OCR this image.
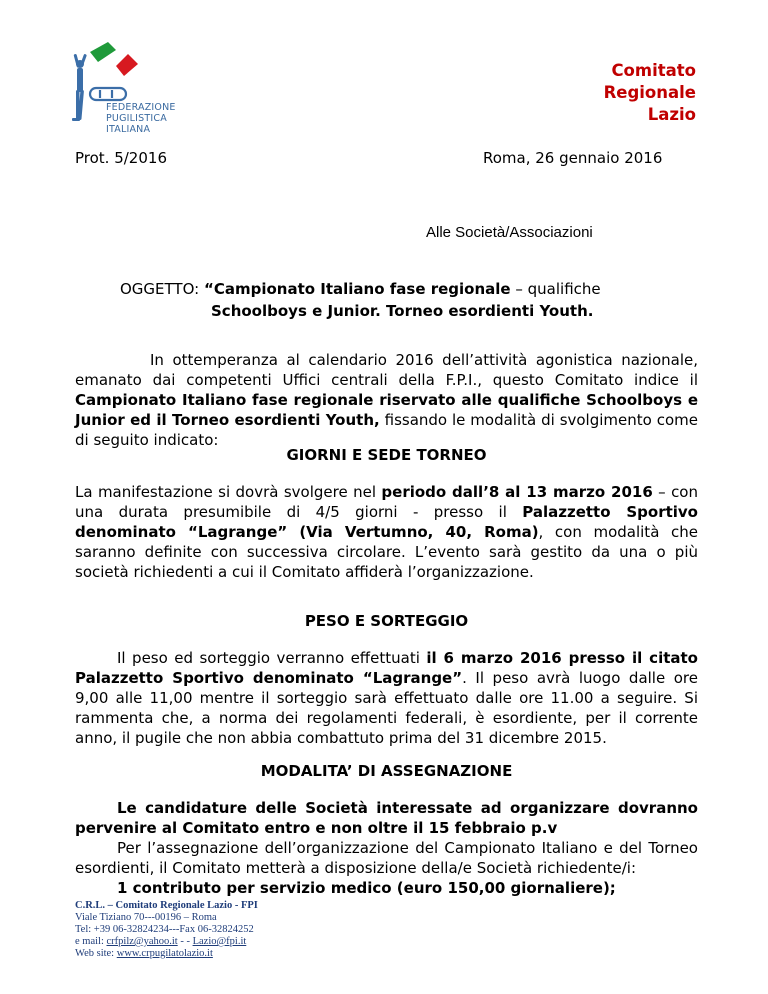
FEDERAZIONE
PUGILISTICA
ITALIANA
Comitato
Regionale
Lazio
Prot. 5/2016	Roma, 26 gennaio 2016
Alle Società/Associazioni
OGGETTO: “Campionato Italiano fase regionale – qualifiche
Schoolboys e Junior. Torneo esordienti Youth.

In ottemperanza al calendario 2016 dell’attività agonistica nazionale, emanato dai competenti Uffici centrali della F.P.I., questo Comitato indice il Campionato Italiano fase regionale riservato alle qualifiche Schoolboys e Junior ed il Torneo esordienti Youth, fissando le modalità di svolgimento come di seguito indicato:

GIORNI E SEDE TORNEO

La manifestazione si dovrà svolgere nel periodo dall’8 al 13 marzo 2016 – con una durata presumibile di 4/5 giorni - presso il Palazzetto Sportivo denominato “Lagrange” (Via Vertumno, 40, Roma), con modalità che saranno definite con successiva circolare. L’evento sarà gestito da una o più società richiedenti a cui il Comitato affiderà l’organizzazione.

PESO E SORTEGGIO

Il peso ed sorteggio verranno effettuati il 6 marzo 2016 presso il citato Palazzetto Sportivo denominato “Lagrange”. Il peso avrà luogo dalle ore 9,00 alle 11,00 mentre il sorteggio sarà effettuato dalle ore 11.00 a seguire. Si rammenta che, a norma dei regolamenti federali, è esordiente, per il corrente anno, il pugile che non abbia combattuto prima del 31 dicembre 2015.

MODALITA’ DI ASSEGNAZIONE

Le candidature delle Società interessate ad organizzare dovranno pervenire al Comitato entro e non oltre il 15 febbraio p.v

Per l’assegnazione dell’organizzazione del Campionato Italiano e del Torneo esordienti, il Comitato metterà a disposizione della/e Società richiedente/i:

1 contributo per servizio medico (euro 150,00 giornaliere);

C.R.L. – Comitato Regionale Lazio - FPI
Viale Tiziano 70---00196 – Roma
Tel: +39 06-32824234---Fax 06-32824252
e mail: crfpilz@yahoo.it - - Lazio@fpi.it
Web site: www.crpugilatolazio.it
